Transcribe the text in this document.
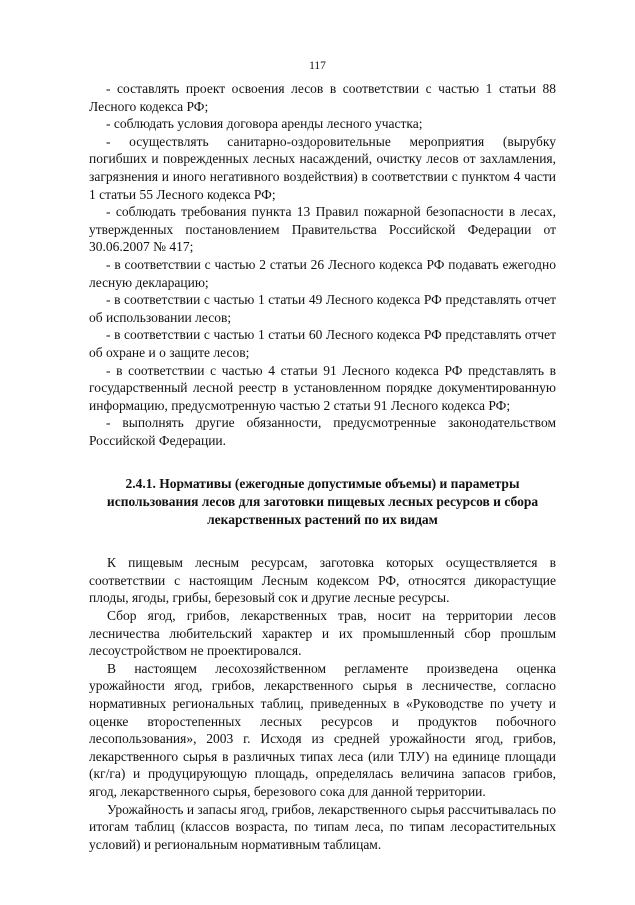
117

- составлять проект освоения лесов в соответствии с частью 1 статьи 88 Лесного кодекса РФ;

- соблюдать условия договора аренды лесного участка;

- осуществлять санитарно-оздоровительные мероприятия (вырубку погибших и поврежденных лесных насаждений, очистку лесов от захламления, загрязнения и иного негативного воздействия) в соответствии с пунктом 4 части 1 статьи 55 Лесного кодекса РФ;

- соблюдать требования пункта 13 Правил пожарной безопасности в лесах, утвержденных постановлением Правительства Российской Федерации от 30.06.2007 № 417;

- в соответствии с частью 2 статьи 26 Лесного кодекса РФ подавать ежегодно лесную декларацию;

- в соответствии с частью 1 статьи 49 Лесного кодекса РФ представлять отчет об использовании лесов;

- в соответствии с частью 1 статьи 60 Лесного кодекса РФ представлять отчет об охране и о защите лесов;

- в соответствии с частью 4 статьи 91 Лесного кодекса РФ представлять в государственный лесной реестр в установленном порядке документированную информацию, предусмотренную частью 2 статьи 91 Лесного кодекса РФ;

- выполнять другие обязанности, предусмотренные законодательством Российской Федерации.

2.4.1. Нормативы (ежегодные допустимые объемы) и параметры использования лесов для заготовки пищевых лесных ресурсов и сбора лекарственных растений по их видам

К пищевым лесным ресурсам, заготовка которых осуществляется в соответствии с настоящим Лесным кодексом РФ, относятся дикорастущие плоды, ягоды, грибы, березовый сок и другие лесные ресурсы.

Сбор ягод, грибов, лекарственных трав, носит на территории лесов лесничества любительский характер и их промышленный сбор прошлым лесоустройством не проектировался.

В настоящем лесохозяйственном регламенте произведена оценка урожайности ягод, грибов, лекарственного сырья в лесничестве, согласно нормативных региональных таблиц, приведенных в «Руководстве по учету и оценке второстепенных лесных ресурсов и продуктов побочного лесопользования», 2003 г. Исходя из средней урожайности ягод, грибов, лекарственного сырья в различных типах леса (или ТЛУ) на единице площади (кг/га) и продуцирующую площадь, определялась величина запасов грибов, ягод, лекарственного сырья, березового сока для данной территории.

Урожайность и запасы ягод, грибов, лекарственного сырья рассчитывалась по итогам таблиц (классов возраста, по типам леса, по типам лесорастительных условий) и региональным нормативным таблицам.
